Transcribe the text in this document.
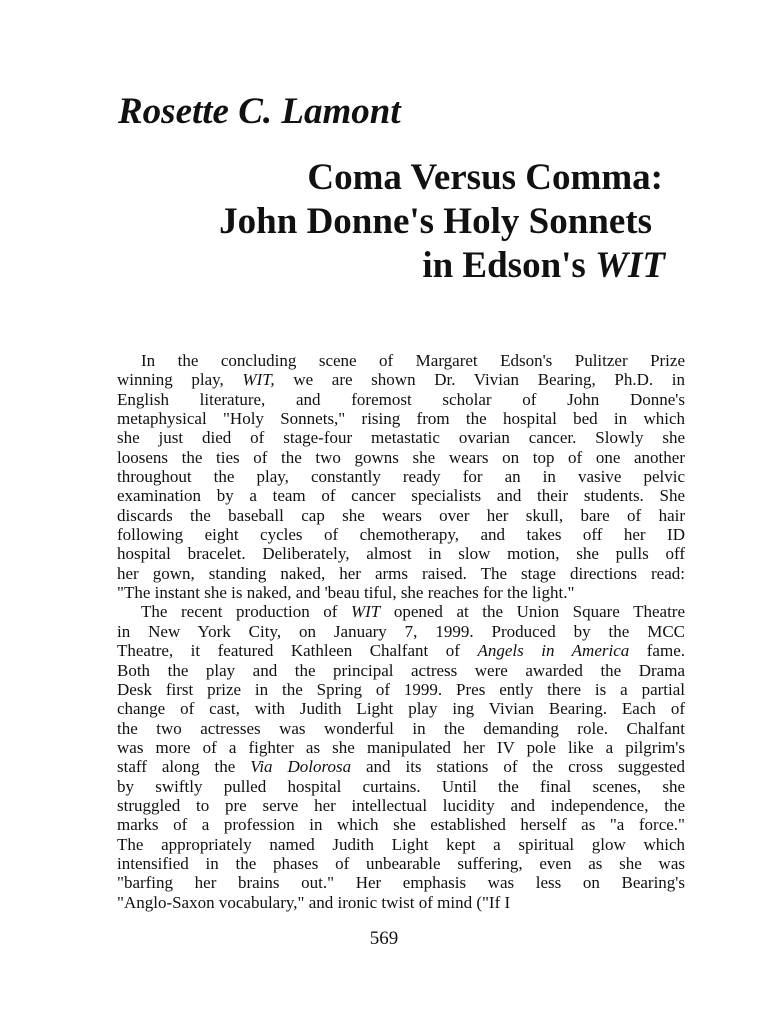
Rosette C. Lamont
Coma Versus Comma:
John Donne's Holy Sonnets
in Edson's WIT
In the concluding scene of Margaret Edson's Pulitzer Prize
winning play, WIT, we are shown Dr. Vivian Bearing, Ph.D. in
English literature, and foremost scholar of John Donne's
metaphysical "Holy Sonnets," rising from the hospital bed in which
she just died of stage-four metastatic ovarian cancer. Slowly she
loosens the ties of the two gowns she wears on top of one another
throughout the play, constantly ready for an in vasive pelvic
examination by a team of cancer specialists and their students. She
discards the baseball cap she wears over her skull, bare of hair
following eight cycles of chemotherapy, and takes off her ID
hospital bracelet. Deliberately, almost in slow motion, she pulls off
her gown, standing naked, her arms raised. The stage directions read:
"The instant she is naked, and 'beau tiful, she reaches for the light."
The recent production of WIT opened at the Union Square Theatre
in New York City, on January 7, 1999. Produced by the MCC
Theatre, it featured Kathleen Chalfant of Angels in America fame.
Both the play and the principal actress were awarded the Drama
Desk first prize in the Spring of 1999. Pres ently there is a partial
change of cast, with Judith Light play ing Vivian Bearing. Each of
the two actresses was wonderful in the demanding role. Chalfant
was more of a fighter as she manipulated her IV pole like a pilgrim's
staff along the Via Dolorosa and its stations of the cross suggested
by swiftly pulled hospital curtains. Until the final scenes, she
struggled to pre serve her intellectual lucidity and independence, the
marks of a profession in which she established herself as "a force."
The appropriately named Judith Light kept a spiritual glow which
intensified in the phases of unbearable suffering, even as she was
"barfing her brains out." Her emphasis was less on Bearing's
"Anglo-Saxon vocabulary," and ironic twist of mind ("If I

569
